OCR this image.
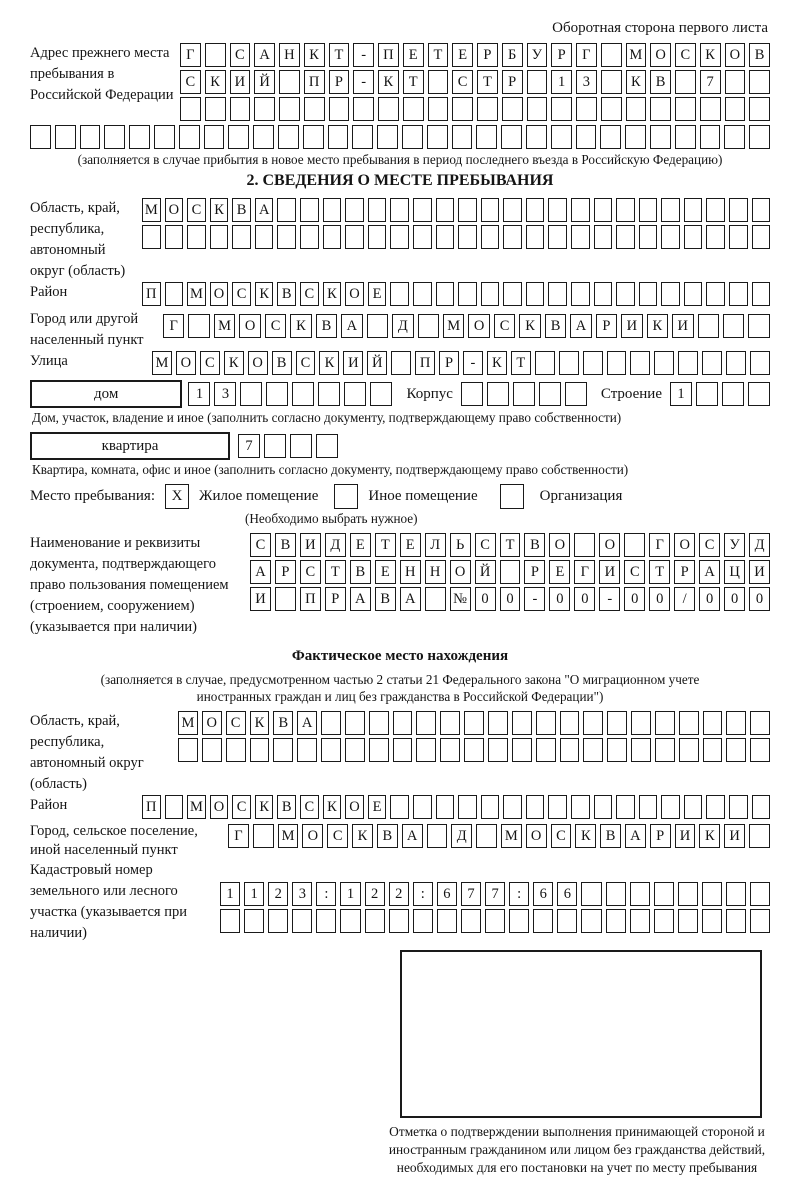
Оборотная сторона первого листа
Адрес прежнего места пребывания в Российской Федерации
Г	С	А Н	К	Т	-	П	Е	Т	Е	Р	Б	У	Р	Г	М О	С	К	О	В
С	К	И Й	П	Р	-	К	Т	С	Т	Р	1	3	К	В	7
(заполняется в случае прибытия в новое место пребывания в период последнего въезда в Российскую Федерацию)
2. СВЕДЕНИЯ О МЕСТЕ ПРЕБЫВАНИЯ
Область, край, республика, автономный округ (область)
М О С К В А
Район	П М О С К В С К О Е
Город или другой населенный пункт
Г	М О	С	К	В	А	Д	М О	С	К	В	А	Р	И	К	И
Улица	М О С К О В С К И Й	П	Р	-	К	Т
дом	1	3	Корпус	Строение	1
Дом, участок, владение и иное (заполнить согласно документу, подтверждающему право собственности)
квартира	7
Квартира, комната, офис и иное (заполнить согласно документу, подтверждающему право собственности)
Место пребывания:	X	Жилое помещение	Иное помещение	Организация
(Необходимо выбрать нужное)
Наименование и реквизиты документа, подтверждающего право пользования помещением (строением, сооружением) (указывается при наличии)
С	В	И	Д	Е	Т	Е	Л	Ь	С	Т	В	О	О	Г	О	С	У	Д
А	Р	С	Т	В	Е	Н Н О Й	Р	Е	Г	И	С	Т	Р	А Ц И
И	П	Р	А	В	А	№ 0	0	-	0	0	-	0	0	/	0	0	0
Фактическое место нахождения
(заполняется в случае, предусмотренном частью 2 статьи 21 Федерального закона "О миграционном учете иностранных граждан и лиц без гражданства в Российской Федерации")
Область, край, республика, автономный округ (область)
М О С К В А
Район	П М О С К В С К О Е
Город, сельское поселение, иной населенный пункт
Г	М О	С	К	В	А	Д	М О	С	К	В	А	Р	И	К	И
Кадастровый номер земельного или лесного участка (указывается при наличии)
1	1	2	3	:	1	2	2	:	6	7	7	:	6	6
Отметка о подтверждении выполнения принимающей стороной и иностранным гражданином или лицом без гражданства действий, необходимых для его постановки на учет по месту пребывания
